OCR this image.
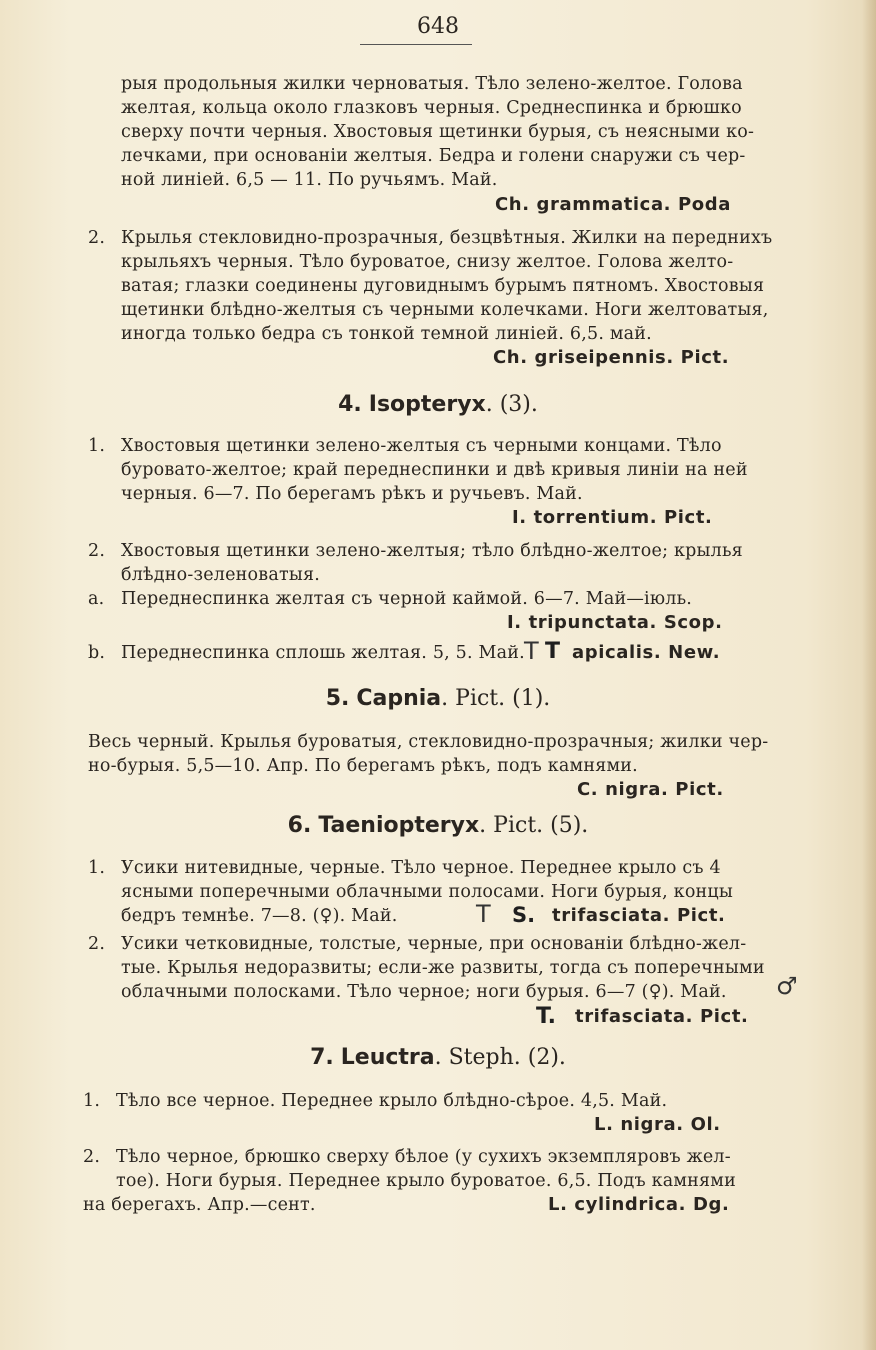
648
рыя продольныя жилки черноватыя. Тѣло зелено-желтое. Голова
желтая, кольца около глазковъ черныя. Среднеспинка и брюшко
сверху почти черныя. Хвостовыя щетинки бурыя, съ неясными ко-
лечками, при основанiи желтыя. Бедра и голени снаружи съ чер-
ной линiей. 6,5 — 11. По ручьямъ. Май.
Ch. grammatica. Poda
2. Крылья стекловидно-прозрачныя, безцвѣтныя. Жилки на переднихъ
крыльяхъ черныя. Тѣло буроватое, снизу желтое. Голова желто-
ватая; глазки соединены дуговиднымъ бурымъ пятномъ. Хвостовыя
щетинки блѣдно-желтыя съ черными колечками. Ноги желтоватыя,
иногда только бедра съ тонкой темной линiей. 6,5. май.
Ch. griseipennis. Pict.
4. Isopteryx. (3).
1. Хвостовыя щетинки зелено-желтыя съ черными концами. Тѣло
буровато-желтое; край переднеспинки и двѣ кривыя линiи на ней
черныя. 6—7. По берегамъ рѣкъ и ручьевъ. Май.
I. torrentium. Pict.
2. Хвостовыя щетинки зелено-желтыя; тѣло блѣдно-желтое; крылья
блѣдно-зеленоватыя.
a. Переднеспинка желтая съ черной каймой. 6—7. Май—iюль.
I. tripunctata. Scop.
b. Переднеспинка сплошь желтая. 5, 5. Май. T T apicalis. New.
5. Capnia. Pict. (1).
Весь черный. Крылья буроватыя, стекловидно-прозрачныя; жилки чер-
но-бурыя. 5,5—10. Апр. По берегамъ рѣкъ, подъ камнями.
C. nigra. Pict.
6. Taeniopteryx. Pict. (5).
1. Усики нитевидные, черные. Тѣло черное. Переднее крыло съ 4
ясными поперечными облачными полосами. Ноги бурыя, концы
бедръ темнѣе. 7—8. (♀). Май.	T S. trifasciata. Pict.
2. Усики четковидные, толстые, черные, при основанiи блѣдно-жел-
тые. Крылья недоразвиты; если-же развиты, тогда съ поперечными
облачными полосками. Тѣло черное; ноги бурыя. 6—7 (♀). Май. ♂
T. trifasciata. Pict.
7. Leuctra. Steph. (2).
1. Тѣло все черное. Переднее крыло блѣдно-сѣрое. 4,5. Май.
L. nigra. Ol.
2. Тѣло черное, брюшко сверху бѣлое (у сухихъ экземпляровъ жел-
тое). Ноги бурыя. Переднее крыло буроватое. 6,5. Подъ камнями
на берегахъ. Апр.—сент.	L. cylindrica. Dg.
